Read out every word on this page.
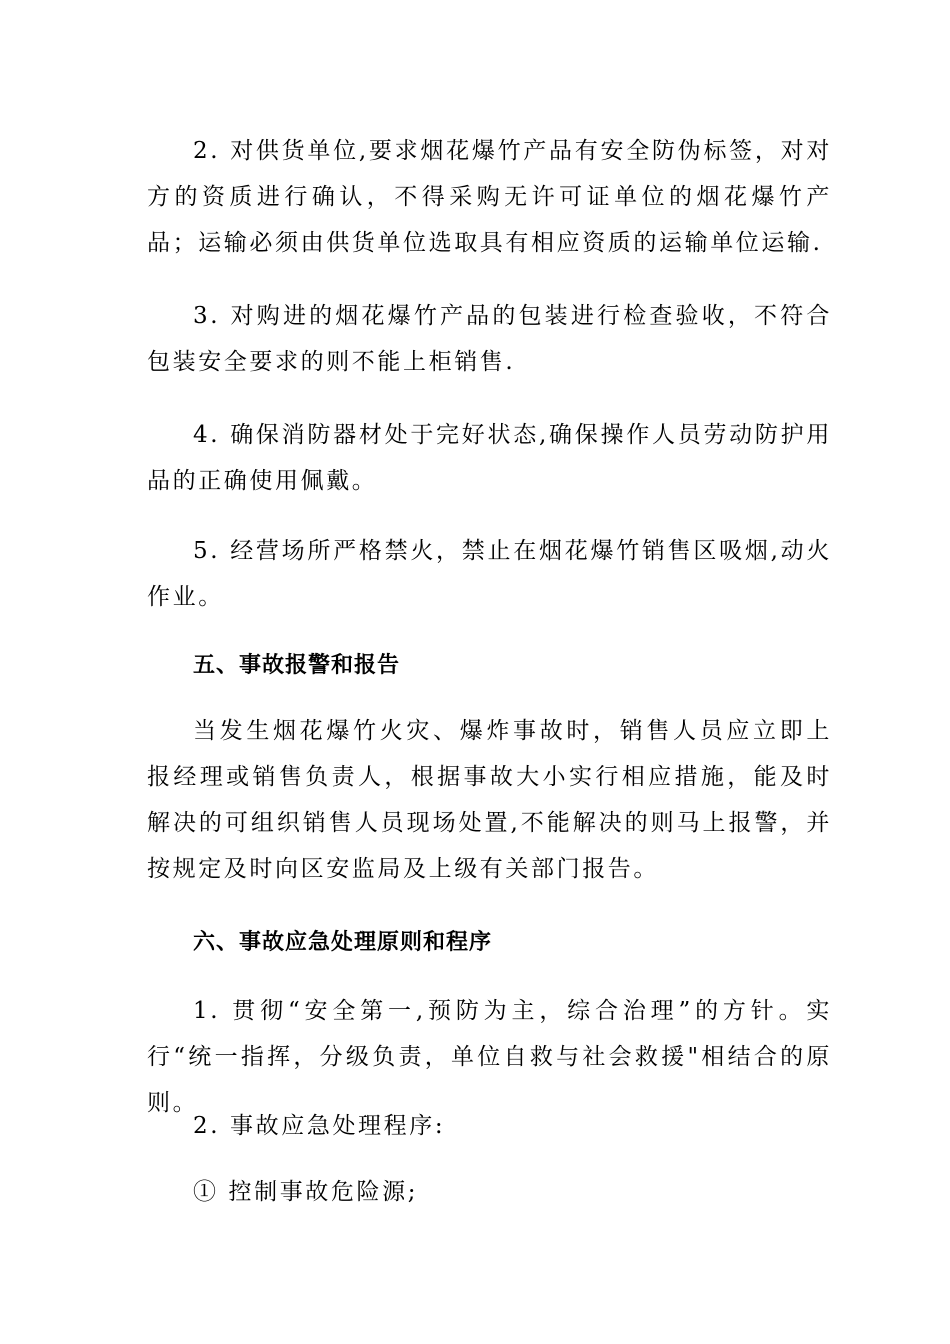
2. 对供货单位,要求烟花爆竹产品有安全防伪标签，对对方的资质进行确认，不得采购无许可证单位的烟花爆竹产品；运输必须由供货单位选取具有相应资质的运输单位运输.

3. 对购进的烟花爆竹产品的包装进行检查验收，不符合包装安全要求的则不能上柜销售.

4. 确保消防器材处于完好状态,确保操作人员劳动防护用品的正确使用佩戴。

5. 经营场所严格禁火，禁止在烟花爆竹销售区吸烟,动火作业。

五、事故报警和报告

当发生烟花爆竹火灾、爆炸事故时，销售人员应立即上报经理或销售负责人，根据事故大小实行相应措施，能及时解决的可组织销售人员现场处置,不能解决的则马上报警，并按规定及时向区安监局及上级有关部门报告。

六、事故应急处理原则和程序

1. 贯彻“安全第一,预防为主，综合治理”的方针。实行“统一指挥，分级负责，单位自救与社会救援"相结合的原则。

2. 事故应急处理程序:

① 控制事故危险源;
